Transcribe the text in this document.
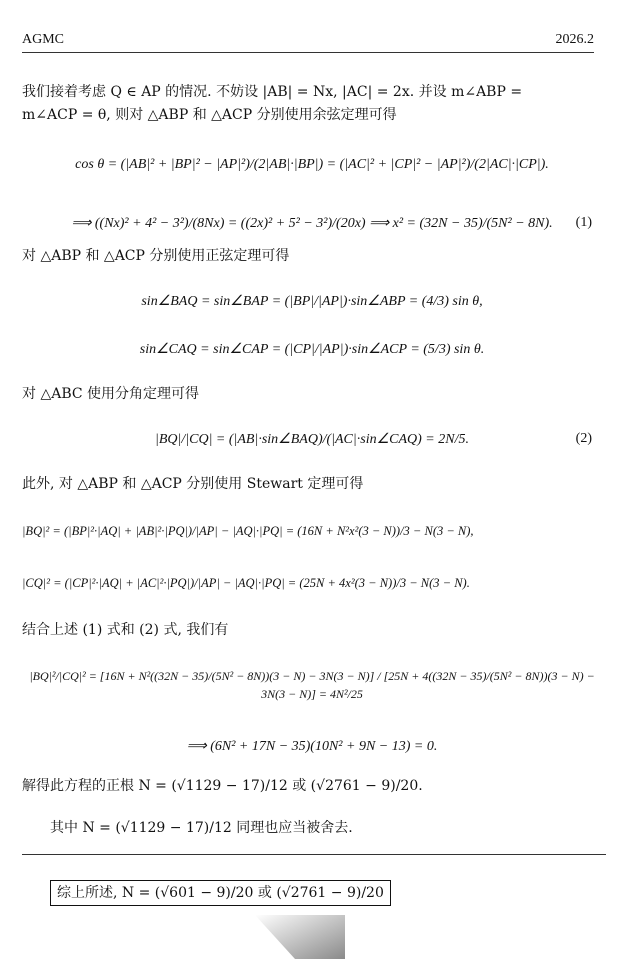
AGMC	2026.2
我们接着考虑 Q ∈ AP 的情况. 不妨设 |AB| = Nx, |AC| = 2x. 并设 m∠ABP =
m∠ACP = θ, 则对 △ABP 和 △ACP 分别使用余弦定理可得
cos θ = (|AB|² + |BP|² − |AP|²)/(2|AB|·|BP|) = (|AC|² + |CP|² − |AP|²)/(2|AC|·|CP|).
⟹ ((Nx)² + 4² − 3²)/(8Nx) = ((2x)² + 5² − 3²)/(20x) ⟹ x² = (32N − 35)/(5N² − 8N). (1)
对 △ABP 和 △ACP 分别使用正弦定理可得
sin∠BAQ = sin∠BAP = (|BP|/|AP|)·sin∠ABP = (4/3) sin θ,
sin∠CAQ = sin∠CAP = (|CP|/|AP|)·sin∠ACP = (5/3) sin θ.
对 △ABC 使用分角定理可得
|BQ|/|CQ| = (|AB|·sin∠BAQ)/(|AC|·sin∠CAQ) = 2N/5.	(2)
此外, 对 △ABP 和 △ACP 分别使用 Stewart 定理可得
|BQ|² = (|BP|²·|AQ| + |AB|²·|PQ|)/|AP| − |AQ|·|PQ| = (16N + N²x²(3 − N))/3 − N(3 − N),
|CQ|² = (|CP|²·|AQ| + |AC|²·|PQ|)/|AP| − |AQ|·|PQ| = (25N + 4x²(3 − N))/3 − N(3 − N).
结合上述 (1) 式和 (2) 式, 我们有
|BQ|²/|CQ|² = [16N + N²((32N − 35)/(5N² − 8N))(3 − N) − 3N(3 − N)] / [25N + 4((32N − 35)/(5N² − 8N))(3 − N) − 3N(3 − N)] = 4N²/25
⟹ (6N² + 17N − 35)(10N² + 9N − 13) = 0.
解得此方程的正根 N = (√1129 − 17)/12 或 (√2761 − 9)/20.
其中 N = (√1129 − 17)/12 同理也应当被舍去.
综上所述, N = (√601 − 9)/20 或 (√2761 − 9)/20
